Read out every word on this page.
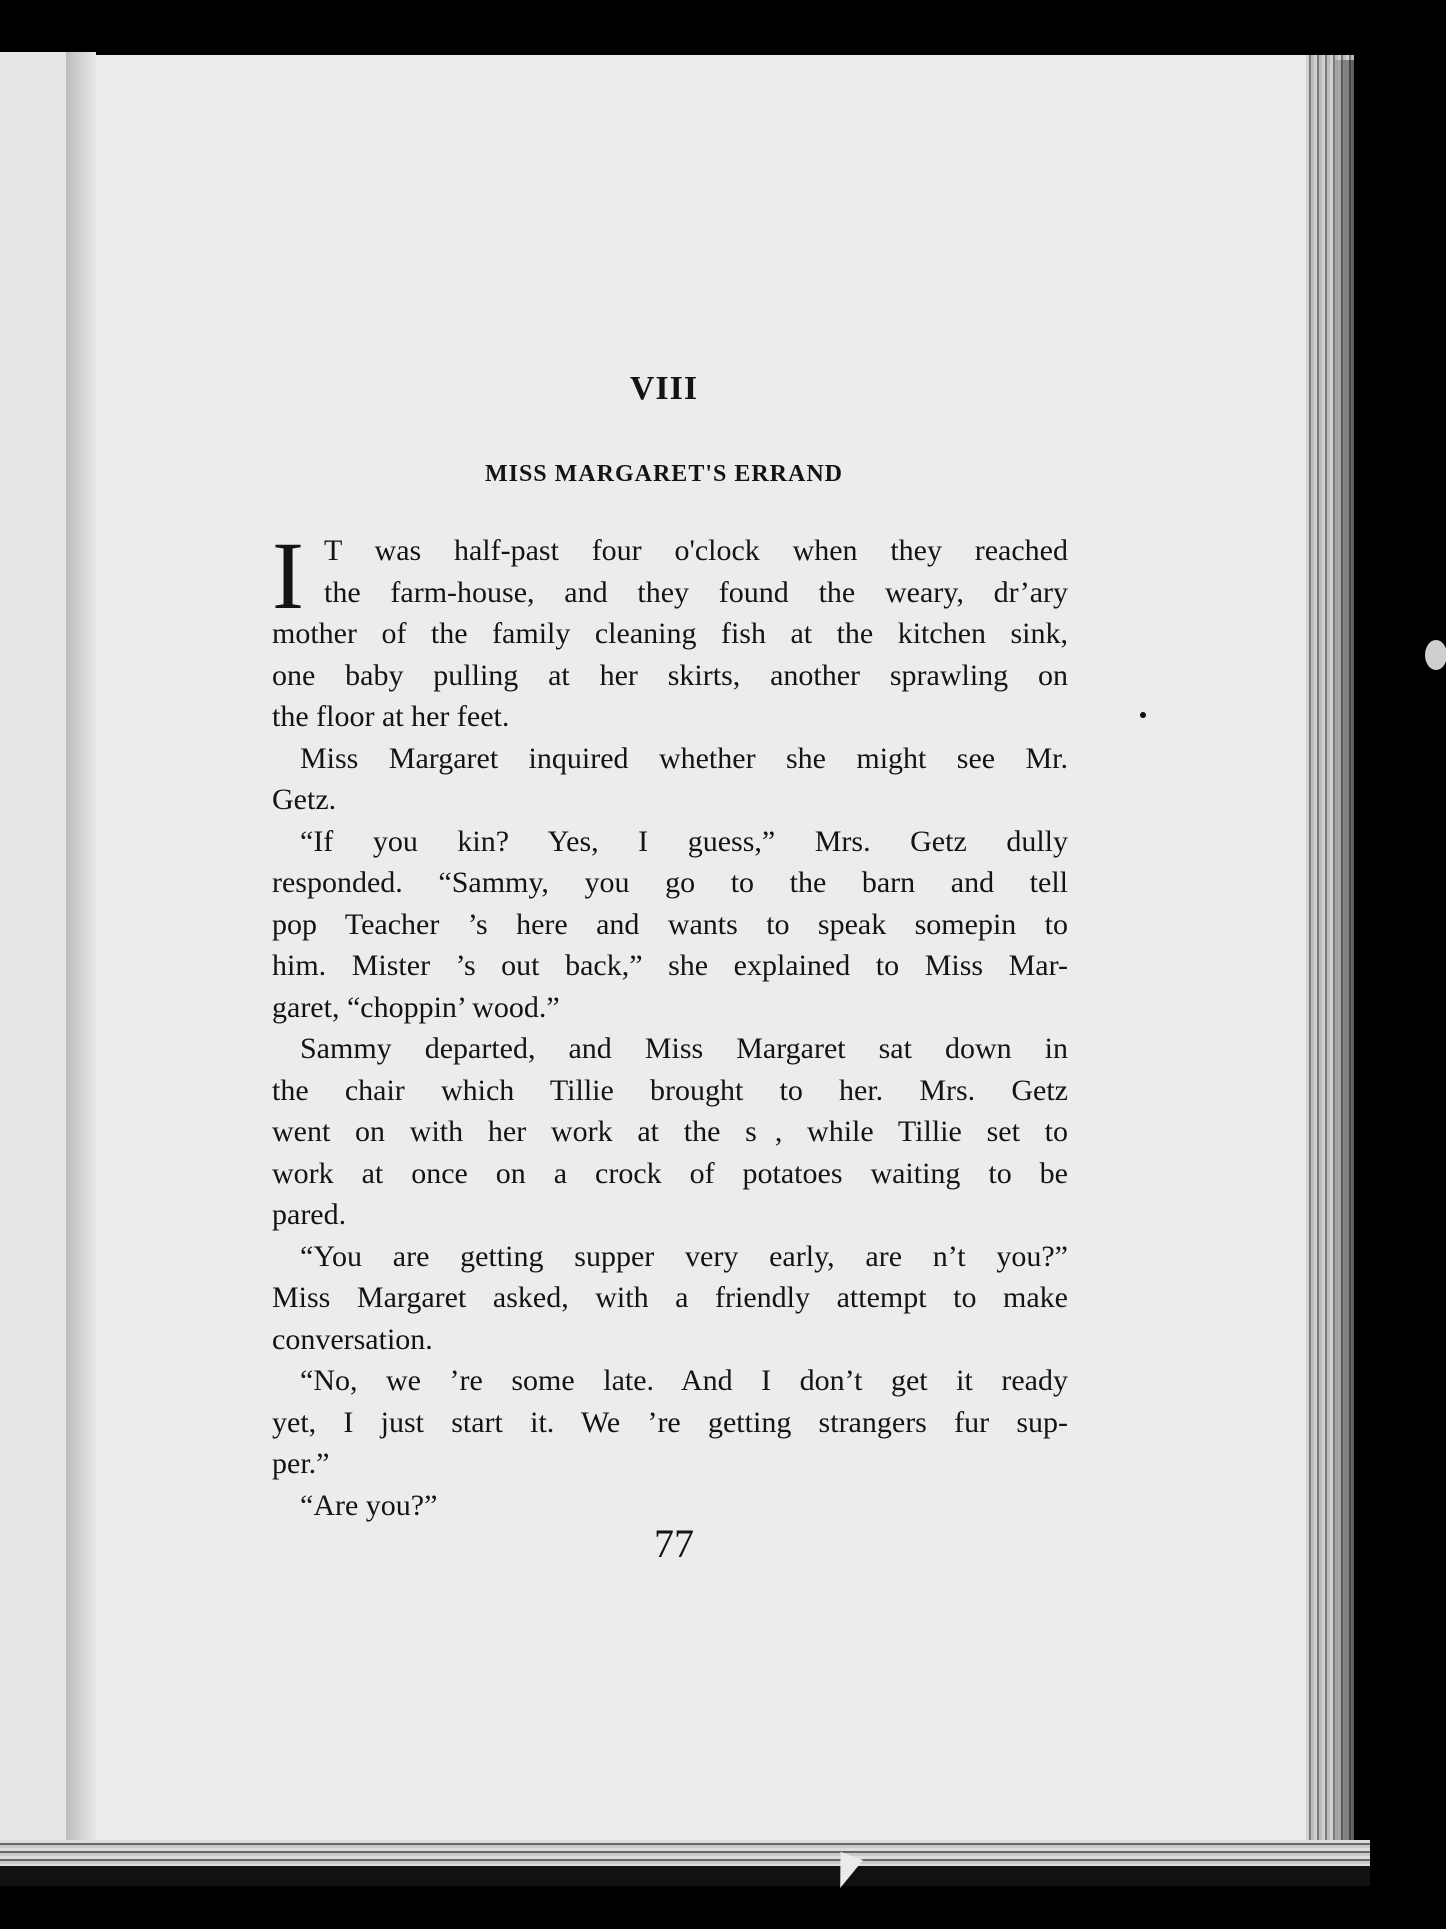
VIII
MISS MARGARET'S ERRAND
I T was half-past four o'clock when they reached
the farm-house, and they found the weary, dr’ary
mother of the family cleaning fish at the kitchen sink,
one baby pulling at her skirts, another sprawling on
the floor at her feet.
Miss Margaret inquired whether she might see Mr.
Getz.
“If you kin? Yes, I guess,” Mrs. Getz dully
responded. “Sammy, you go to the barn and tell
pop Teacher ’s here and wants to speak somepin to
him. Mister ’s out back,” she explained to Miss Mar-
garet, “choppin’ wood.”
Sammy departed, and Miss Margaret sat down in
the chair which Tillie brought to her. Mrs. Getz
went on with her work at the s   , while Tillie set to
work at once on a crock of potatoes waiting to be
pared.
“You are getting supper very early, are n’t you?”
Miss Margaret asked, with a friendly attempt to make
conversation.
“No, we ’re some late. And I don’t get it ready
yet, I just start it. We ’re getting strangers fur sup-
per.”
“Are you?”

77
